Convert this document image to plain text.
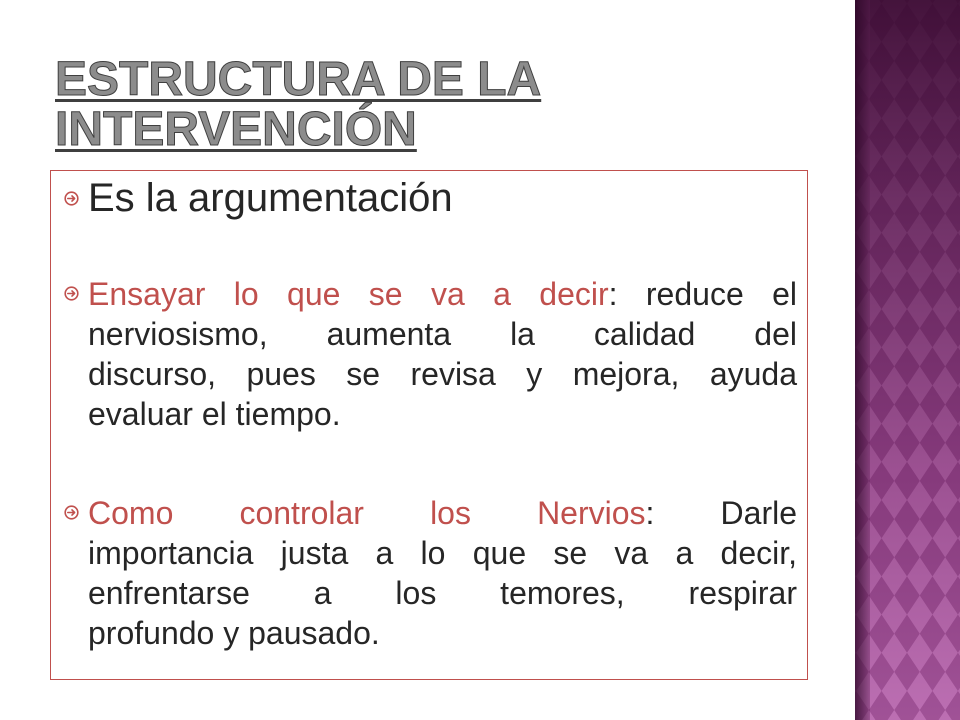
ESTRUCTURA DE LA
INTERVENCIÓN
Es la argumentación
Ensayar lo que se va a decir: reduce el
nerviosismo, aumenta la calidad del
discurso, pues se revisa y mejora, ayuda
evaluar el tiempo.
Como controlar los Nervios: Darle
importancia justa a lo que se va a decir,
enfrentarse a los temores, respirar
profundo y pausado.
